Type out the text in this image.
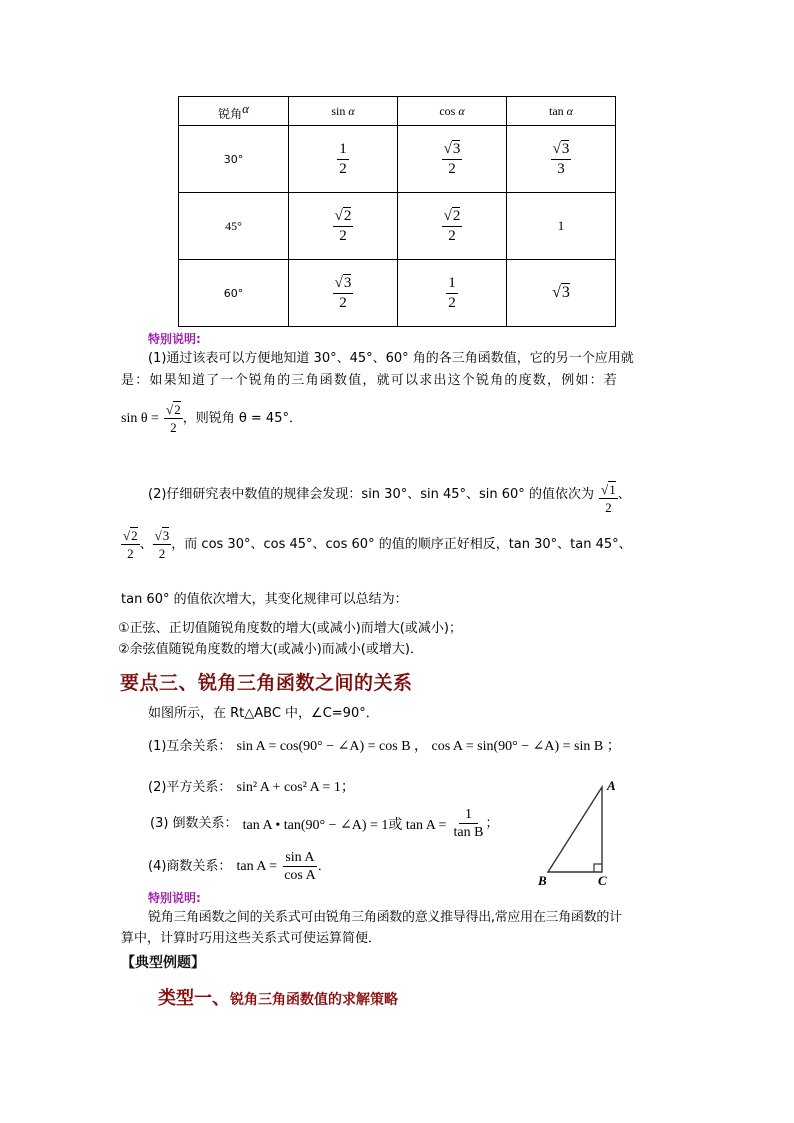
锐角$^\alpha$	sin α	cos α	tan α
30°	$\frac{1}{2}$	$\frac{√3}{2}$	$\frac{√3}{3}$

45°	$\frac{√2}{2}$	$\frac{√2}{2}$	1
60°	$\frac{√3}{2}$	$\frac{1}{2}$	√3
特别说明:
(1)通过该表可以方便地知道 30°、45°、60° 角的各三角函数值，它的另一个应用就
是：如果知道了一个锐角的三角函数值，就可以求出这个锐角的度数，例如：若
sin θ =
$\frac{√2}{2}$ ，则锐角 θ = 45°．
(2)仔细研究表中数值的规律会发现：sin 30°、sin 45°、sin 60° 的值依次为
$\frac{√1}{2}$ 、
$\frac{√2}{2}$ 、 $\frac{√3}{2}$ ，而 cos 30°、cos 45°、cos 60° 的值的顺序正好相反，tan 30°、tan 45°、
tan 60° 的值依次增大，其变化规律可以总结为：
①正弦、正切值随锐角度数的增大(或减小)而增大(或减小)；
②余弦值随锐角度数的增大(或减小)而减小(或增大)．
要点三、锐角三角函数之间的关系
如图所示，在 Rt△ABC 中，∠C=90°．
(1)互余关系： sin A = cos(90° − ∠A) = cos B ， cos A = sin(90° − ∠A) = sin B ；
(2)平方关系： sin² A + cos² A = 1；
(3) 倒数关系：
tan A • tan(90° − ∠A) = 1或 tan A =
$\frac{1}{\text{tan B}}$ ；
(4)商数关系：
tan A =
$\frac{\text{sin A}}{\text{cos A}}$ ．
A
B	C
特别说明:
锐角三角函数之间的关系式可由锐角三角函数的意义推导得出,常应用在三角函数的计
算中，计算时巧用这些关系式可使运算简便．
【典型例题】
类型一、锐角三角函数值的求解策略
